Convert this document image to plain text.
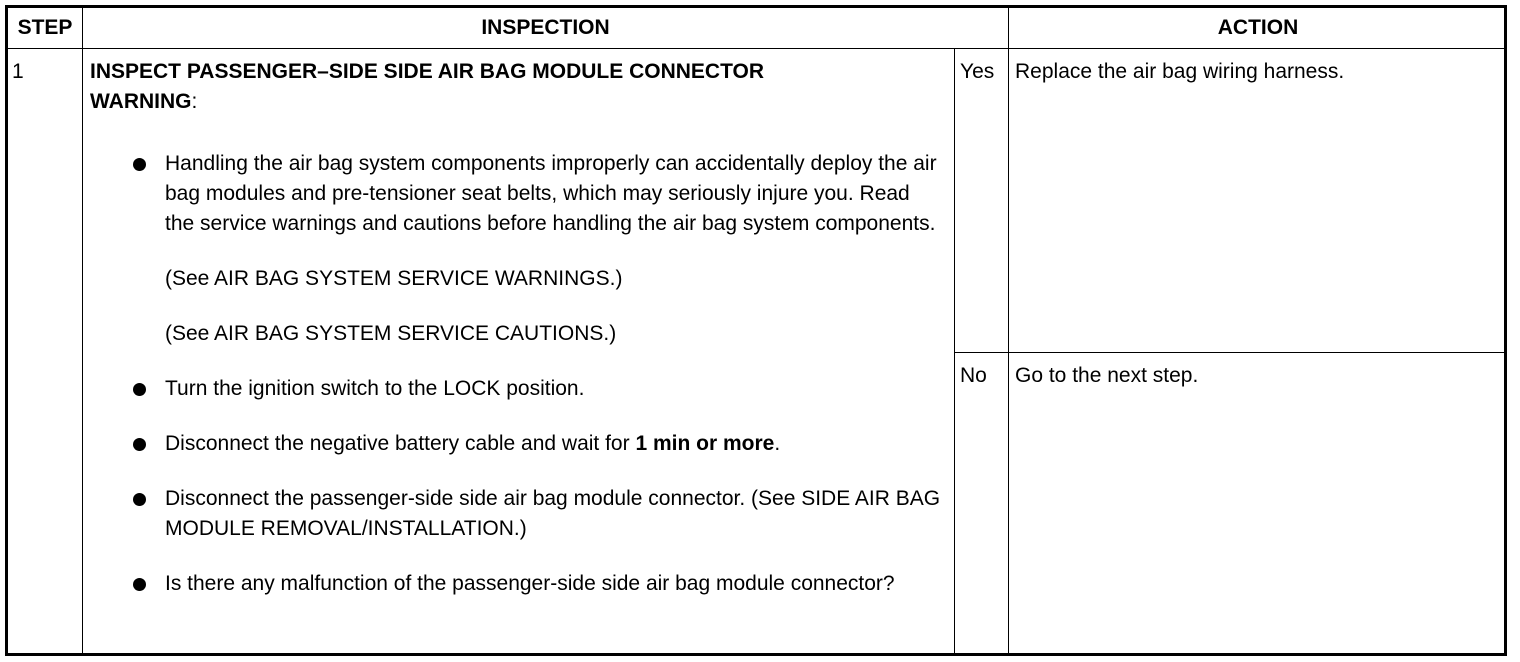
STEP	INSPECTION	ACTION
1	INSPECT PASSENGER–SIDE SIDE AIR BAG MODULE CONNECTOR
WARNING:
Handling the air bag system components improperly can accidentally deploy the air bag modules and pre-tensioner seat belts, which may seriously injure you. Read the service warnings and cautions before handling the air bag system components.
(See AIR BAG SYSTEM SERVICE WARNINGS.)
(See AIR BAG SYSTEM SERVICE CAUTIONS.)
Turn the ignition switch to the LOCK position.
Disconnect the negative battery cable and wait for 1 min or more.
Disconnect the passenger-side side air bag module connector. (See SIDE AIR BAG MODULE REMOVAL/INSTALLATION.)
Is there any malfunction of the passenger-side side air bag module connector?
Yes Replace the air bag wiring harness.
No Go to the next step.
